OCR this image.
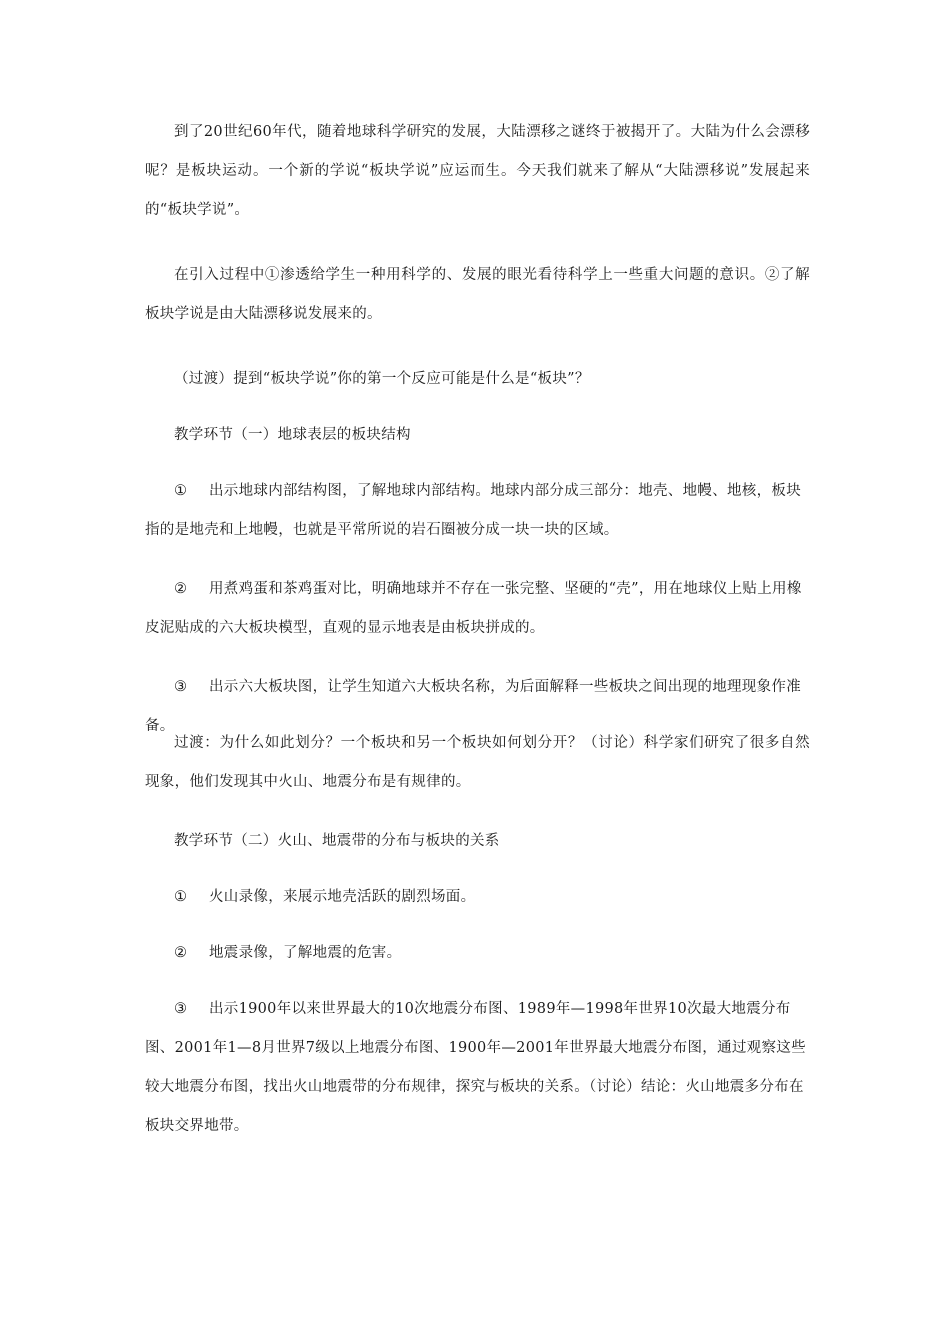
到了20世纪60年代，随着地球科学研究的发展，大陆漂移之谜终于被揭开了。大陆为什么会漂移呢？是板块运动。一个新的学说“板块学说”应运而生。今天我们就来了解从“大陆漂移说”发展起来的“板块学说”。

在引入过程中①渗透给学生一种用科学的、发展的眼光看待科学上一些重大问题的意识。②了解板块学说是由大陆漂移说发展来的。

（过渡）提到“板块学说”你的第一个反应可能是什么是“板块”？

教学环节（一）地球表层的板块结构

① 出示地球内部结构图，了解地球内部结构。地球内部分成三部分：地壳、地幔、地核，板块指的是地壳和上地幔，也就是平常所说的岩石圈被分成一块一块的区域。

② 用煮鸡蛋和茶鸡蛋对比，明确地球并不存在一张完整、坚硬的“壳”，用在地球仪上贴上用橡皮泥贴成的六大板块模型，直观的显示地表是由板块拼成的。

③ 出示六大板块图，让学生知道六大板块名称，为后面解释一些板块之间出现的地理现象作准备。

过渡：为什么如此划分？一个板块和另一个板块如何划分开？（讨论）科学家们研究了很多自然现象，他们发现其中火山、地震分布是有规律的。

教学环节（二）火山、地震带的分布与板块的关系

① 火山录像，来展示地壳活跃的剧烈场面。

② 地震录像，了解地震的危害。

③ 出示1900年以来世界最大的10次地震分布图、1989年—1998年世界10次最大地震分布图、2001年1—8月世界7级以上地震分布图、1900年—2001年世界最大地震分布图，通过观察这些较大地震分布图，找出火山地震带的分布规律，探究与板块的关系。（讨论）结论：火山地震多分布在板块交界地带。
